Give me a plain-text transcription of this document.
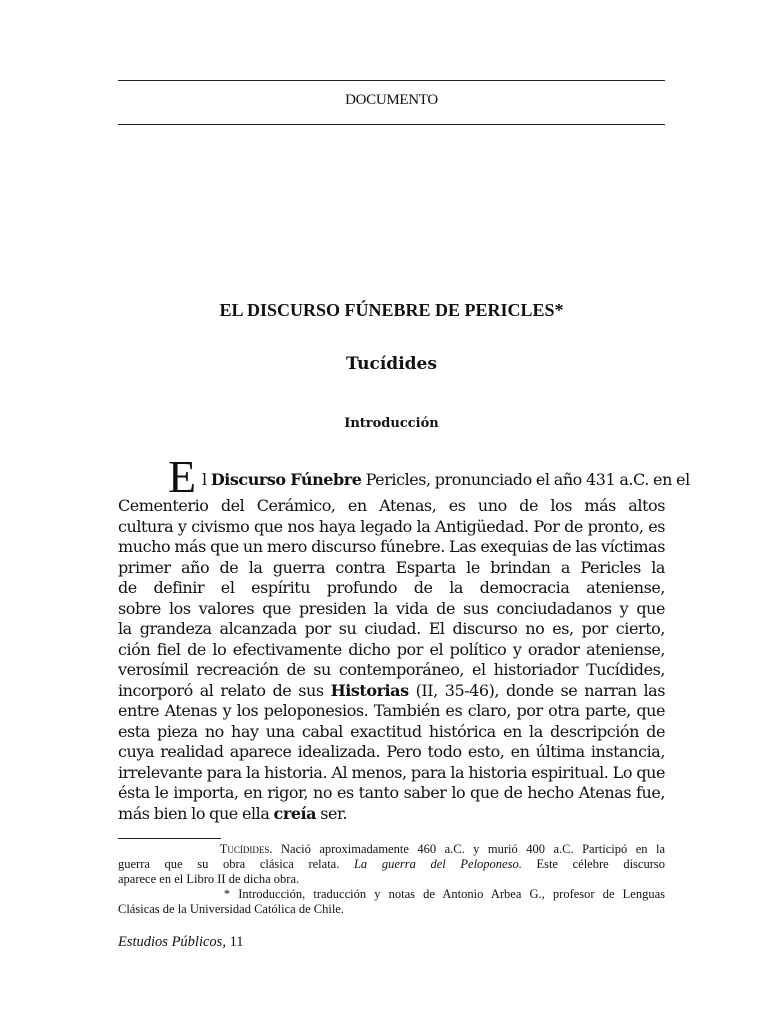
DOCUMENTO
EL DISCURSO FÚNEBRE DE PERICLES*
Tucídides
Introducción
E l Discurso Fúnebre Pericles, pronunciado el año 431 a.C. en el
Cementerio del Cerámico, en Atenas, es uno de los más altos
cultura y civismo que nos haya legado la Antigüedad. Por de pronto, es
mucho más que un mero discurso fúnebre. Las exequias de las víctimas
primer año de la guerra contra Esparta le brindan a Pericles la
de definir el espíritu profundo de la democracia ateniense,
sobre los valores que presiden la vida de sus conciudadanos y que
la grandeza alcanzada por su ciudad. El discurso no es, por cierto,
ción fiel de lo efectivamente dicho por el político y orador ateniense,
verosímil recreación de su contemporáneo, el historiador Tucídides,
incorporó al relato de sus Historias (II, 35-46), donde se narran las
entre Atenas y los peloponesios. También es claro, por otra parte, que
esta pieza no hay una cabal exactitud histórica en la descripción de
cuya realidad aparece idealizada. Pero todo esto, en última instancia,
irrelevante para la historia. Al menos, para la historia espiritual. Lo que
ésta le importa, en rigor, no es tanto saber lo que de hecho Atenas fue,
más bien lo que ella creía ser.
Tucídides. Nació aproximadamente 460 a.C. y murió 400 a.C. Participó en la
guerra que su obra clásica relata. La guerra del Peloponeso. Este célebre discurso
aparece en el Libro II de dicha obra.
* Introducción, traducción y notas de Antonio Arbea G., profesor de Lenguas
Clásicas de la Universidad Católica de Chile.
Estudios Públicos, 11
